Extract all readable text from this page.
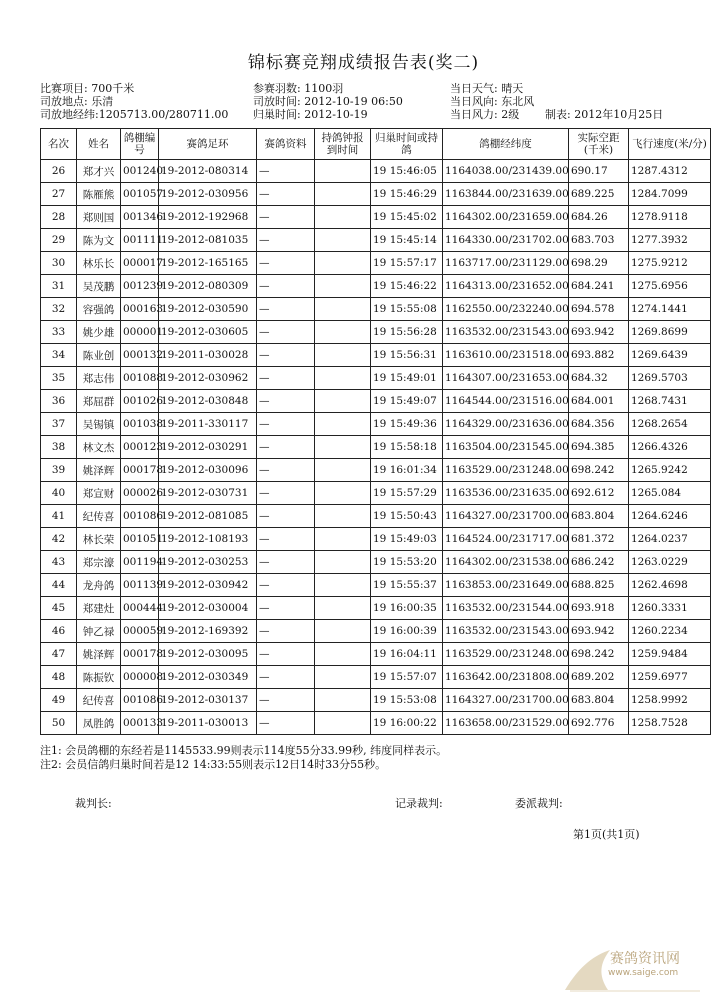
锦标赛竞翔成绩报告表(奖二)
比赛项目: 700千米
司放地点: 乐清
司放地经纬:1205713.00/280711.00
参赛羽数: 1100羽
司放时间: 2012-10-19 06:50
归巢时间: 2012-10-19
当日天气: 晴天
当日风向: 东北风
当日风力: 2级 制表: 2012年10月25日
名次	姓名	鸽棚编号	赛鸽足环	赛鸽资料	持鸽钟报到时间	归巢时间或持鸽	鸽棚经纬度	实际空距(千米)	飞行速度(米/分)
26	郑才兴	001240	19-2012-080314	—		19 15:46:05	1164038.00/231439.00	690.17	1287.4312
27	陈雁熊	001057	19-2012-030956	—		19 15:46:29	1163844.00/231639.00	689.225	1284.7099
28	郑则国	001346	19-2012-192968	—		19 15:45:02	1164302.00/231659.00	684.26	1278.9118
29	陈为文	001111	19-2012-081035	—		19 15:45:14	1164330.00/231702.00	683.703	1277.3932
30	林乐长	000017	19-2012-165165	—		19 15:57:17	1163717.00/231129.00	698.29	1275.9212
31	吴茂鹏	001239	19-2012-080309	—		19 15:46:22	1164313.00/231652.00	684.241	1275.6956
32	容强鸽	000163	19-2012-030590	—		19 15:55:08	1162550.00/232240.00	694.578	1274.1441
33	姚少雄	000001	19-2012-030605	—		19 15:56:28	1163532.00/231543.00	693.942	1269.8699
34	陈业创	000132	19-2011-030028	—		19 15:56:31	1163610.00/231518.00	693.882	1269.6439
35	郑志伟	001088	19-2012-030962	—		19 15:49:01	1164307.00/231653.00	684.32	1269.5703
36	郑屈群	001026	19-2012-030848	—		19 15:49:07	1164544.00/231516.00	684.001	1268.7431
37	吴锡镇	001038	19-2011-330117	—		19 15:49:36	1164329.00/231636.00	684.356	1268.2654
38	林文杰	000123	19-2012-030291	—		19 15:58:18	1163504.00/231545.00	694.385	1266.4326
39	姚泽辉	000178	19-2012-030096	—		19 16:01:34	1163529.00/231248.00	698.242	1265.9242
40	郑宣财	000026	19-2012-030731	—		19 15:57:29	1163536.00/231635.00	692.612	1265.084
41	纪传喜	001086	19-2012-081085	—		19 15:50:43	1164327.00/231700.00	683.804	1264.6246
42	林长荣	001051	19-2012-108193	—		19 15:49:03	1164524.00/231717.00	681.372	1264.0237
43	郑宗濠	001194	19-2012-030253	—		19 15:53:20	1164302.00/231538.00	686.242	1263.0229
44	龙舟鸽	001139	19-2012-030942	—		19 15:55:37	1163853.00/231649.00	688.825	1262.4698
45	郑建灶	000444	19-2012-030004	—		19 16:00:35	1163532.00/231544.00	693.918	1260.3331
46	钟乙禄	000059	19-2012-169392	—		19 16:00:39	1163532.00/231543.00	693.942	1260.2234
47	姚泽辉	000178	19-2012-030095	—		19 16:04:11	1163529.00/231248.00	698.242	1259.9484
48	陈振钦	000008	19-2012-030349	—		19 15:57:07	1163642.00/231808.00	689.202	1259.6977
49	纪传喜	001086	19-2012-030137	—		19 15:53:08	1164327.00/231700.00	683.804	1258.9992
50	凤胜鸽	000133	19-2011-030013	—		19 16:00:22	1163658.00/231529.00	692.776	1258.7528
注1: 会员鸽棚的东经若是1145533.99则表示114度55分33.99秒, 纬度同样表示。
注2: 会员信鸽归巢时间若是12 14:33:55则表示12日14时33分55秒。
裁判长:	记录裁判:	委派裁判:
第1页(共1页)
赛鸽资讯网
www.saige.com
